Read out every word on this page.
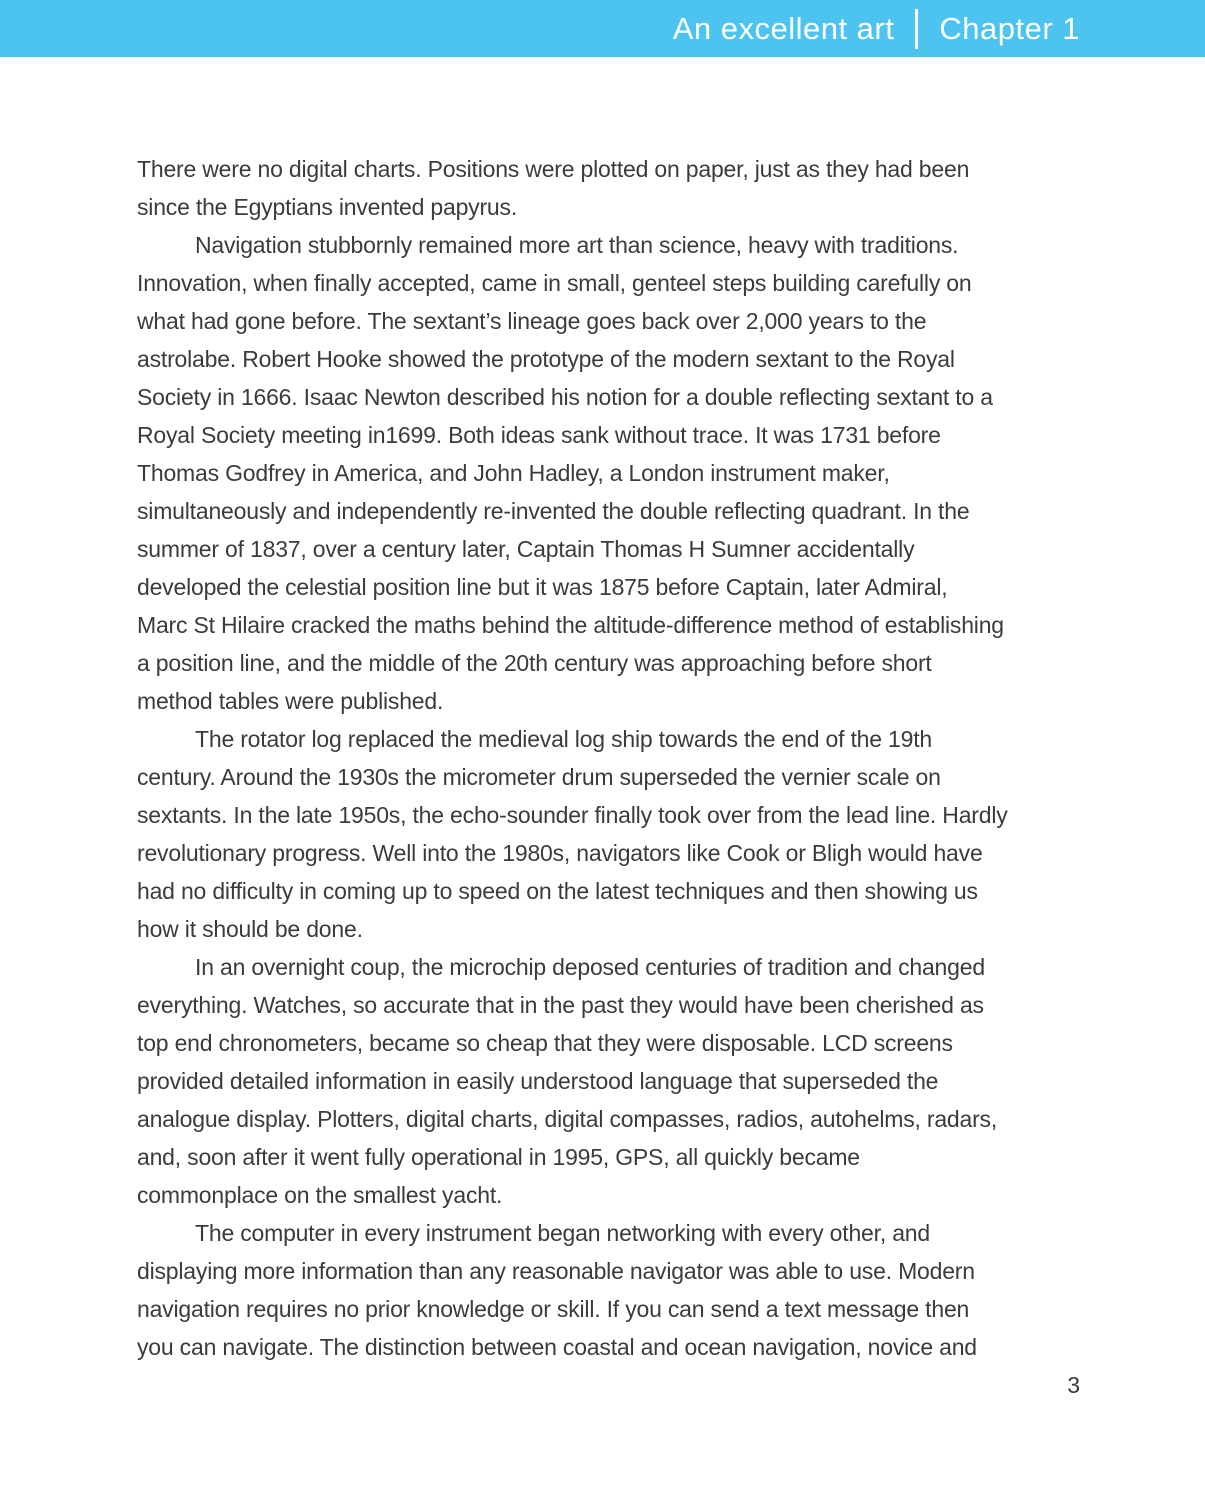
An excellent art Chapter 1
There were no digital charts. Positions were plotted on paper, just as they had been
since the Egyptians invented papyrus.
Navigation stubbornly remained more art than science, heavy with traditions.
Innovation, when finally accepted, came in small, genteel steps building carefully on
what had gone before. The sextant’s lineage goes back over 2,000 years to the
astrolabe. Robert Hooke showed the prototype of the modern sextant to the Royal
Society in 1666. Isaac Newton described his notion for a double reflecting sextant to a
Royal Society meeting in1699. Both ideas sank without trace. It was 1731 before
Thomas Godfrey in America, and John Hadley, a London instrument maker,
simultaneously and independently re-invented the double reflecting quadrant. In the
summer of 1837, over a century later, Captain Thomas H Sumner accidentally
developed the celestial position line but it was 1875 before Captain, later Admiral,
Marc St Hilaire cracked the maths behind the altitude-difference method of establishing
a position line, and the middle of the 20th century was approaching before short
method tables were published.
The rotator log replaced the medieval log ship towards the end of the 19th
century. Around the 1930s the micrometer drum superseded the vernier scale on
sextants. In the late 1950s, the echo-sounder finally took over from the lead line. Hardly
revolutionary progress. Well into the 1980s, navigators like Cook or Bligh would have
had no difficulty in coming up to speed on the latest techniques and then showing us
how it should be done.
In an overnight coup, the microchip deposed centuries of tradition and changed
everything. Watches, so accurate that in the past they would have been cherished as
top end chronometers, became so cheap that they were disposable. LCD screens
provided detailed information in easily understood language that superseded the
analogue display. Plotters, digital charts, digital compasses, radios, autohelms, radars,
and, soon after it went fully operational in 1995, GPS, all quickly became
commonplace on the smallest yacht.
The computer in every instrument began networking with every other, and
displaying more information than any reasonable navigator was able to use. Modern
navigation requires no prior knowledge or skill. If you can send a text message then
you can navigate. The distinction between coastal and ocean navigation, novice and
3
